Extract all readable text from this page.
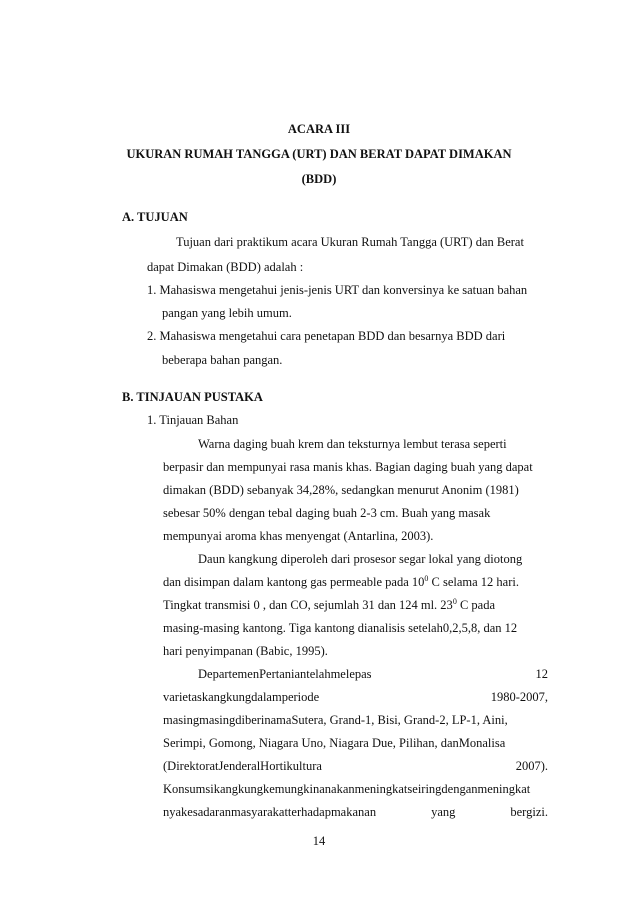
ACARA III
UKURAN RUMAH TANGGA (URT) DAN BERAT DAPAT DIMAKAN
(BDD)
A. TUJUAN
Tujuan dari praktikum acara Ukuran Rumah Tangga (URT) dan Berat
dapat Dimakan (BDD) adalah :
1. Mahasiswa mengetahui jenis-jenis URT dan konversinya ke satuan bahan
pangan yang lebih umum.
2. Mahasiswa mengetahui cara penetapan BDD dan besarnya BDD dari
beberapa bahan pangan.
B. TINJAUAN PUSTAKA
1. Tinjauan Bahan
Warna daging buah krem dan teksturnya lembut terasa seperti
berpasir dan mempunyai rasa manis khas. Bagian daging buah yang dapat
dimakan (BDD) sebanyak 34,28%, sedangkan menurut Anonim (1981)
sebesar 50% dengan tebal daging buah 2-3 cm. Buah yang masak
mempunyai aroma khas menyengat (Antarlina, 2003).
Daun kangkung diperoleh dari prosesor segar lokal yang diotong
dan disimpan dalam kantong gas permeable pada $10^0$ C selama 12 hari.
Tingkat transmisi 0 , dan CO, sejumlah 31 dan 124 ml. $23^0$ C pada
masing-masing kantong. Tiga kantong dianalisis setelah0,2,5,8, dan 12
hari penyimpanan (Babic, 1995).
DepartemenPertaniantelahmelepas	12
varietaskangkungdalamperiode	1980-2007,
masingmasingdiberinamaSutera, Grand-1, Bisi, Grand-2, LP-1, Aini,
Serimpi, Gomong, Niagara Uno, Niagara Due, Pilihan, danMonalisa
(DirektoratJenderalHortikultura	2007).
Konsumsikangkungkemungkinanakanmeningkatseiringdenganmeningkat
nyakesadaranmasyarakatterhadapmakanan	yang	bergizi.
14
